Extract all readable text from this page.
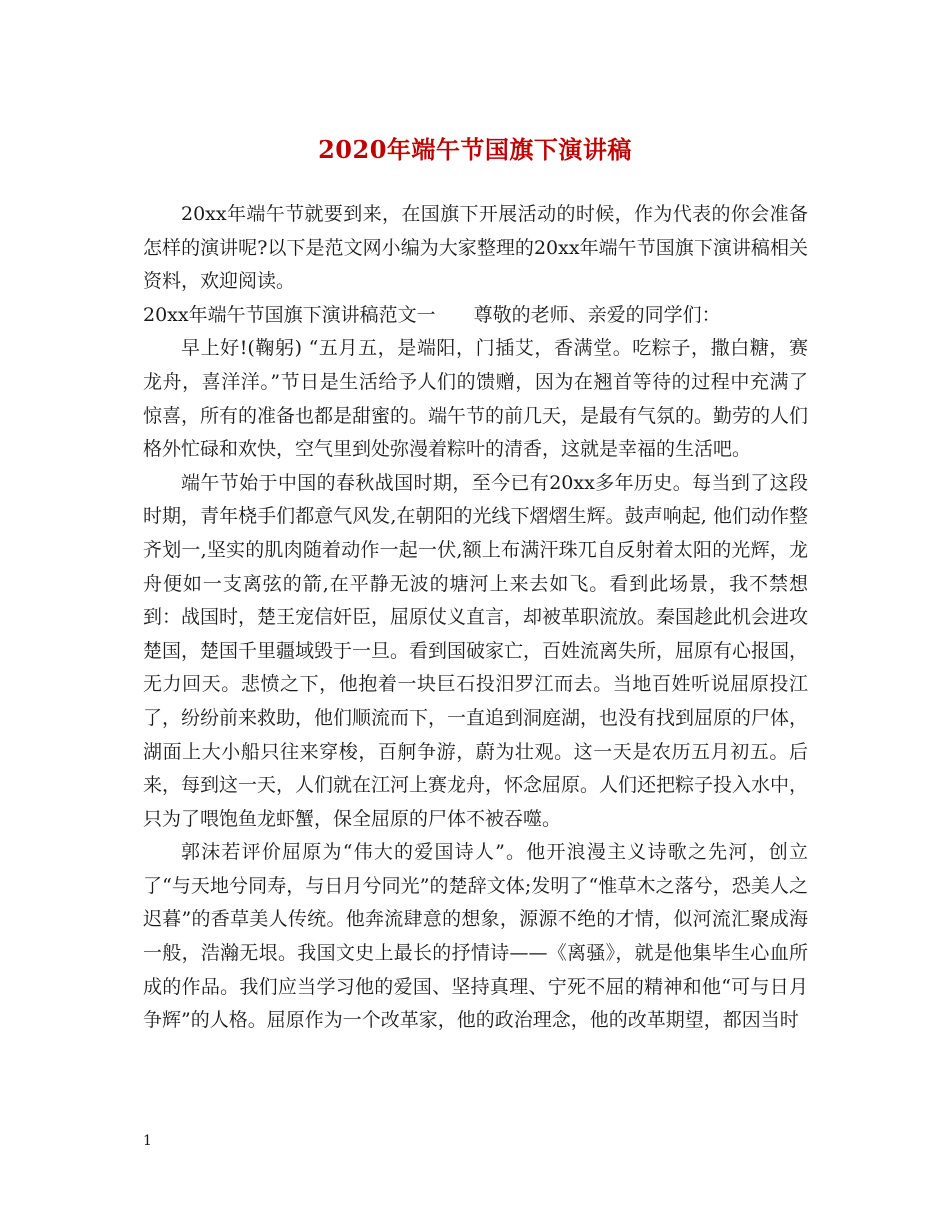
2020年端午节国旗下演讲稿

20xx年端午节就要到来，在国旗下开展活动的时候，作为代表的你会准备怎样的演讲呢?以下是范文网小编为大家整理的20xx年端午节国旗下演讲稿相关资料，欢迎阅读。

20xx年端午节国旗下演讲稿范文一 尊敬的老师、亲爱的同学们：

早上好!(鞠躬) “五月五，是端阳，门插艾，香满堂。吃粽子，撒白糖，赛龙舟，喜洋洋。”节日是生活给予人们的馈赠，因为在翘首等待的过程中充满了惊喜，所有的准备也都是甜蜜的。端午节的前几天，是最有气氛的。勤劳的人们格外忙碌和欢快，空气里到处弥漫着粽叶的清香，这就是幸福的生活吧。

端午节始于中国的春秋战国时期，至今已有20xx多年历史。每当到了这段时期，青年桡手们都意气风发,在朝阳的光线下熠熠生辉。鼓声响起, 他们动作整齐划一,坚实的肌肉随着动作一起一伏,额上布满汗珠兀自反射着太阳的光辉，龙舟便如一支离弦的箭,在平静无波的塘河上来去如飞。看到此场景，我不禁想到：战国时，楚王宠信奸臣，屈原仗义直言，却被革职流放。秦国趁此机会进攻楚国，楚国千里疆域毁于一旦。看到国破家亡，百姓流离失所，屈原有心报国，无力回天。悲愤之下，他抱着一块巨石投汨罗江而去。当地百姓听说屈原投江了，纷纷前来救助，他们顺流而下，一直追到洞庭湖，也没有找到屈原的尸体，湖面上大小船只往来穿梭，百舸争游，蔚为壮观。这一天是农历五月初五。后来，每到这一天，人们就在江河上赛龙舟，怀念屈原。人们还把粽子投入水中，只为了喂饱鱼龙虾蟹，保全屈原的尸体不被吞噬。

郭沫若评价屈原为“伟大的爱国诗人”。他开浪漫主义诗歌之先河，创立了“与天地兮同寿，与日月兮同光”的楚辞文体;发明了“惟草木之落兮，恐美人之迟暮”的香草美人传统。他奔流肆意的想象，源源不绝的才情，似河流汇聚成海一般，浩瀚无垠。我国文史上最长的抒情诗——《离骚》，就是他集毕生心血所成的作品。我们应当学习他的爱国、坚持真理、宁死不屈的精神和他“可与日月争辉”的人格。屈原作为一个改革家，他的政治理念，他的改革期望，都因当时

1
